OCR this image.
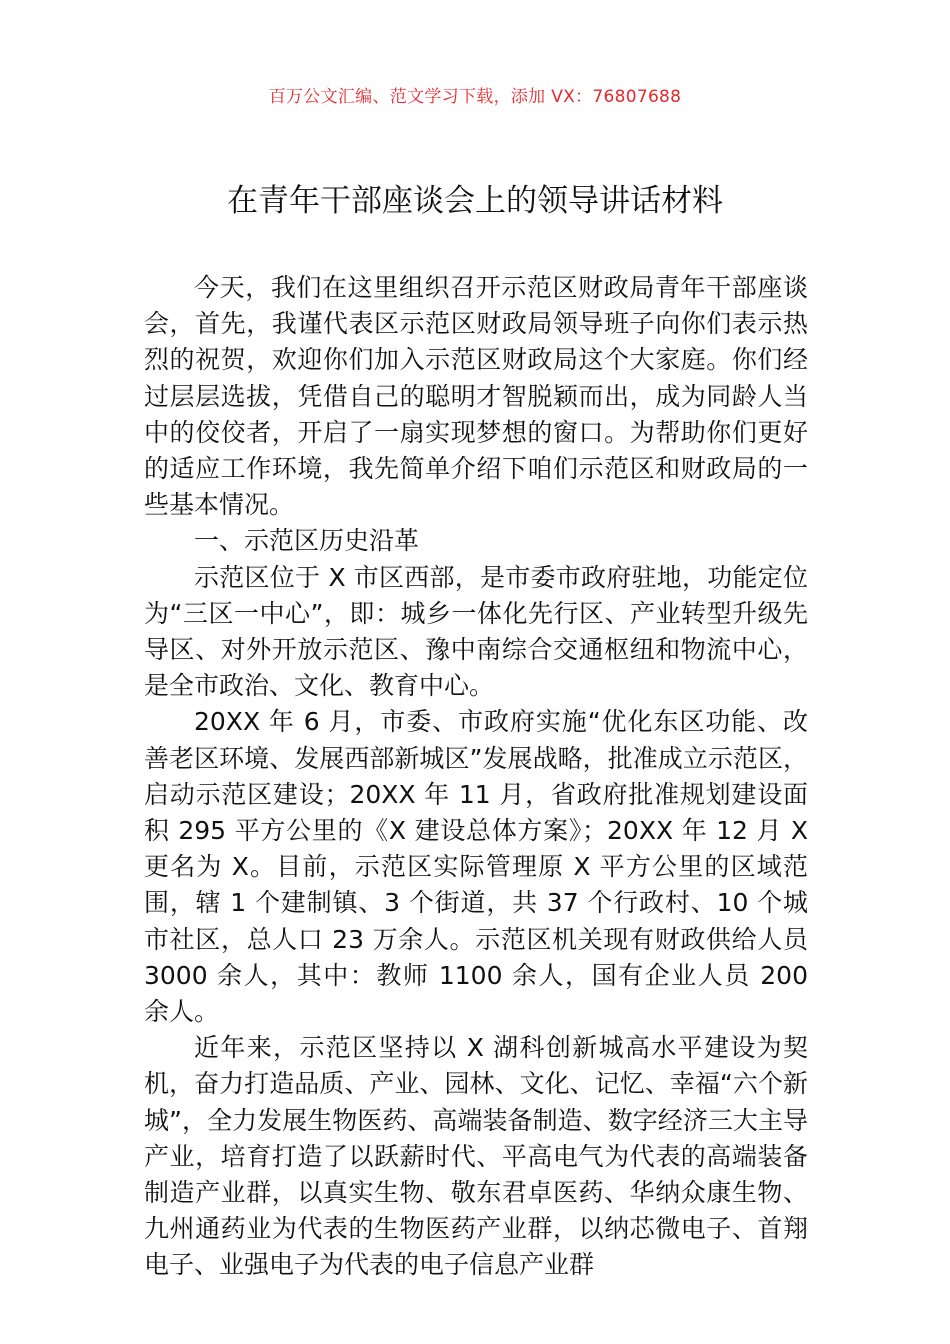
百万公文汇编、范文学习下载，添加 VX：76807688
在青年干部座谈会上的领导讲话材料

今天，我们在这里组织召开示范区财政局青年干部座谈会，首先，我谨代表区示范区财政局领导班子向你们表示热烈的祝贺，欢迎你们加入示范区财政局这个大家庭。你们经过层层选拔，凭借自己的聪明才智脱颖而出，成为同龄人当中的佼佼者，开启了一扇实现梦想的窗口。为帮助你们更好的适应工作环境，我先简单介绍下咱们示范区和财政局的一些基本情况。

一、示范区历史沿革

示范区位于 X 市区西部，是市委市政府驻地，功能定位为“三区一中心”，即：城乡一体化先行区、产业转型升级先导区、对外开放示范区、豫中南综合交通枢纽和物流中心，是全市政治、文化、教育中心。

20XX 年 6 月，市委、市政府实施“优化东区功能、改善老区环境、发展西部新城区”发展战略，批准成立示范区，启动示范区建设；20XX 年 11 月，省政府批准规划建设面积 295 平方公里的《X 建设总体方案》；20XX 年 12 月 X 更名为 X。目前，示范区实际管理原 X 平方公里的区域范围，辖 1 个建制镇、3 个街道，共 37 个行政村、10 个城市社区，总人口 23 万余人。示范区机关现有财政供给人员 3000 余人，其中：教师 1100 余人，国有企业人员 200 余人。

近年来，示范区坚持以 X 湖科创新城高水平建设为契机，奋力打造品质、产业、园林、文化、记忆、幸福“六个新城”，全力发展生物医药、高端装备制造、数字经济三大主导产业，培育打造了以跃薪时代、平高电气为代表的高端装备制造产业群，以真实生物、敬东君卓医药、华纳众康生物、九州通药业为代表的生物医药产业群，以纳芯微电子、首翔电子、业强电子为代表的电子信息产业群
